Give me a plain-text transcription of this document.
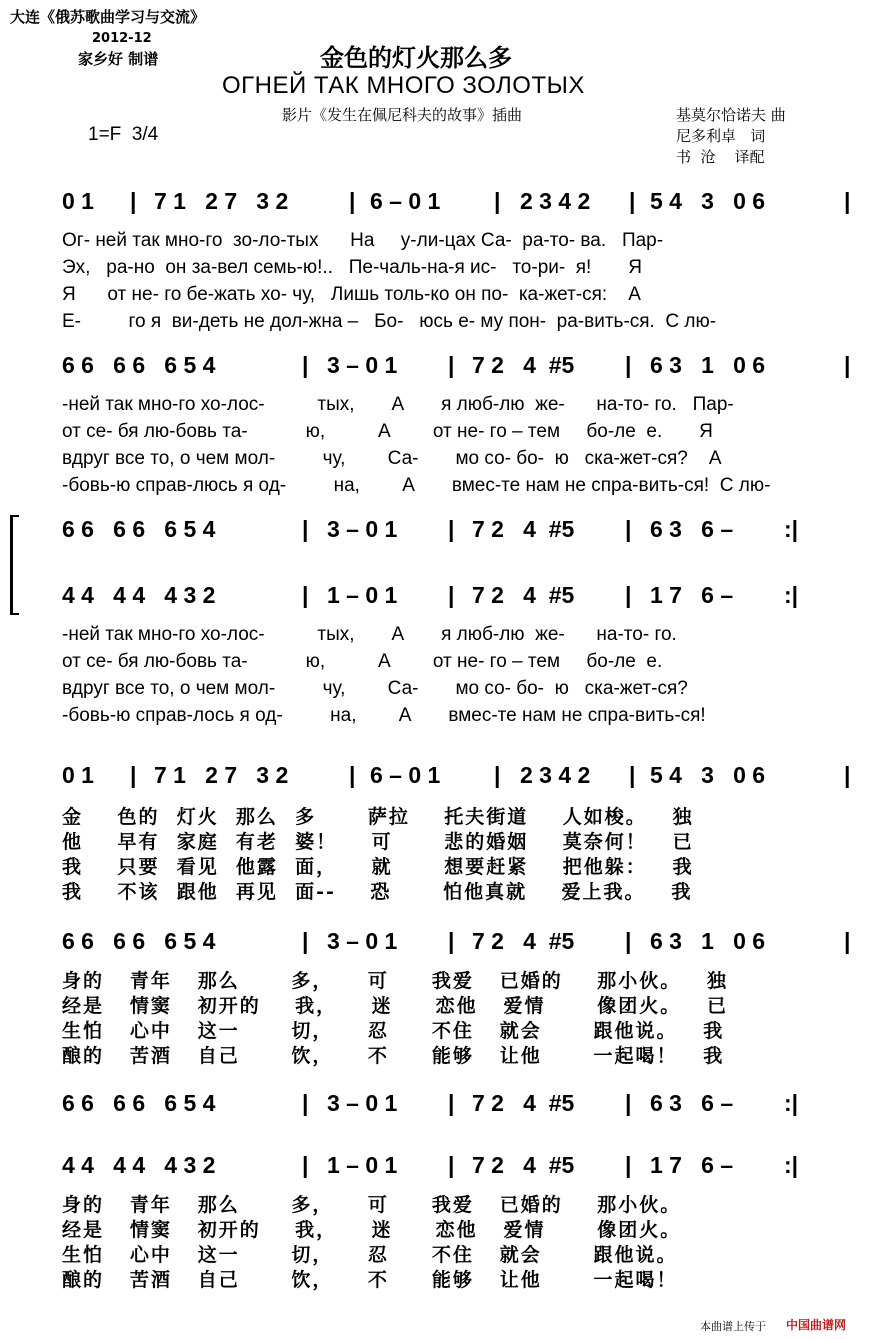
大连《俄苏歌曲学习与交流》
2012-12
家乡好 制谱	金色的灯火那么多
ОГНЕЙ ТАК МНОГО ЗОЛОТЫХ
影片《发生在佩尼科夫的故事》插曲	基莫尔恰诺夫 曲
尼多利卓   词
书  沧    译配
1=F  3/4
0 1 | 7 1   2 7   3 2	| 6 – 0 1 | 2 3 4 2 | 5 4   3   0 6	|
Ог- ней так мно-го  зо-ло-тых      На     у-ли-цах Са-  ра-то- ва.   Пар-
Эх,   ра-но  он за-вел семь-ю!..   Пе-чаль-на-я ис-   то-ри-  я!       Я
Я      от не- го бе-жать хо- чу,   Лишь толь-ко он по-  ка-жет-ся:    А
Е-         го я  ви-деть не дол-жна –   Бо-   юсь е- му пон-  ра-вить-ся.  С лю-
6 6   6 6   6 5 4	| 3 – 0 1 | 7 2   4  #5 | 6 3   1   0 6	|
-ней так мно-го хо-лос-          тых,       А       я люб-лю  же-      на-то- го.   Пар-
от се- бя лю-бовь та-           ю,          А        от не- го – тем     бо-ле  е.       Я
вдруг все то, о чем мол-         чу,        Са-       мо со- бо-  ю   ска-жет-ся?    А
-бовь-ю справ-люсь я од-         на,        А       вмес-те нам не спра-вить-ся!  С лю-
6 6   6 6   6 5 4	| 3 – 0 1 | 7 2   4  #5 | 6 3   6 – :|
4 4   4 4   4 3 2	| 1 – 0 1 | 7 2   4  #5 | 1 7   6 – :|
-ней так мно-го хо-лос-          тых,       А       я люб-лю  же-      на-то- го.
от се- бя лю-бовь та-           ю,          А        от не- го – тем     бо-ле  е.
вдруг все то, о чем мол-         чу,        Са-       мо со- бо-  ю   ска-жет-ся?
-бовь-ю справ-лось я од-         на,        А       вмес-те нам не спра-вить-ся!
0 1 | 7 1   2 7   3 2	| 6 – 0 1 | 2 3 4 2 | 5 4   3   0 6	|
金    色的  灯火  那么  多      萨拉    托夫街道    人如梭。   独
他    早有  家庭  有老  婆！    可      悲的婚姻    莫奈何！   已
我    只要  看见  他露  面，    就      想要赶紧    把他躲：   我
我    不该  跟他  再见  面--    恐      怕他真就    爱上我。   我
6 6   6 6   6 5 4	| 3 – 0 1 | 7 2   4  #5 | 6 3   1   0 6	|
身的   青年   那么      多，    可     我爱   已婚的    那小伙。   独
经是   情窦   初开的    我，    迷     恋他   爱情      像团火。   已
生怕   心中   这一      切，    忍     不住   就会      跟他说。   我
酿的   苦酒   自己      饮，    不     能够   让他      一起喝！   我
6 6   6 6   6 5 4	| 3 – 0 1 | 7 2   4  #5 | 6 3   6 – :|
4 4   4 4   4 3 2	| 1 – 0 1 | 7 2   4  #5 | 1 7   6 – :|
身的   青年   那么      多，    可     我爱   已婚的    那小伙。
经是   情窦   初开的    我，    迷     恋他   爱情      像团火。
生怕   心中   这一      切，    忍     不住   就会      跟他说。
酿的   苦酒   自己      饮，    不     能够   让他      一起喝！
本曲谱上传于 中国曲谱网
